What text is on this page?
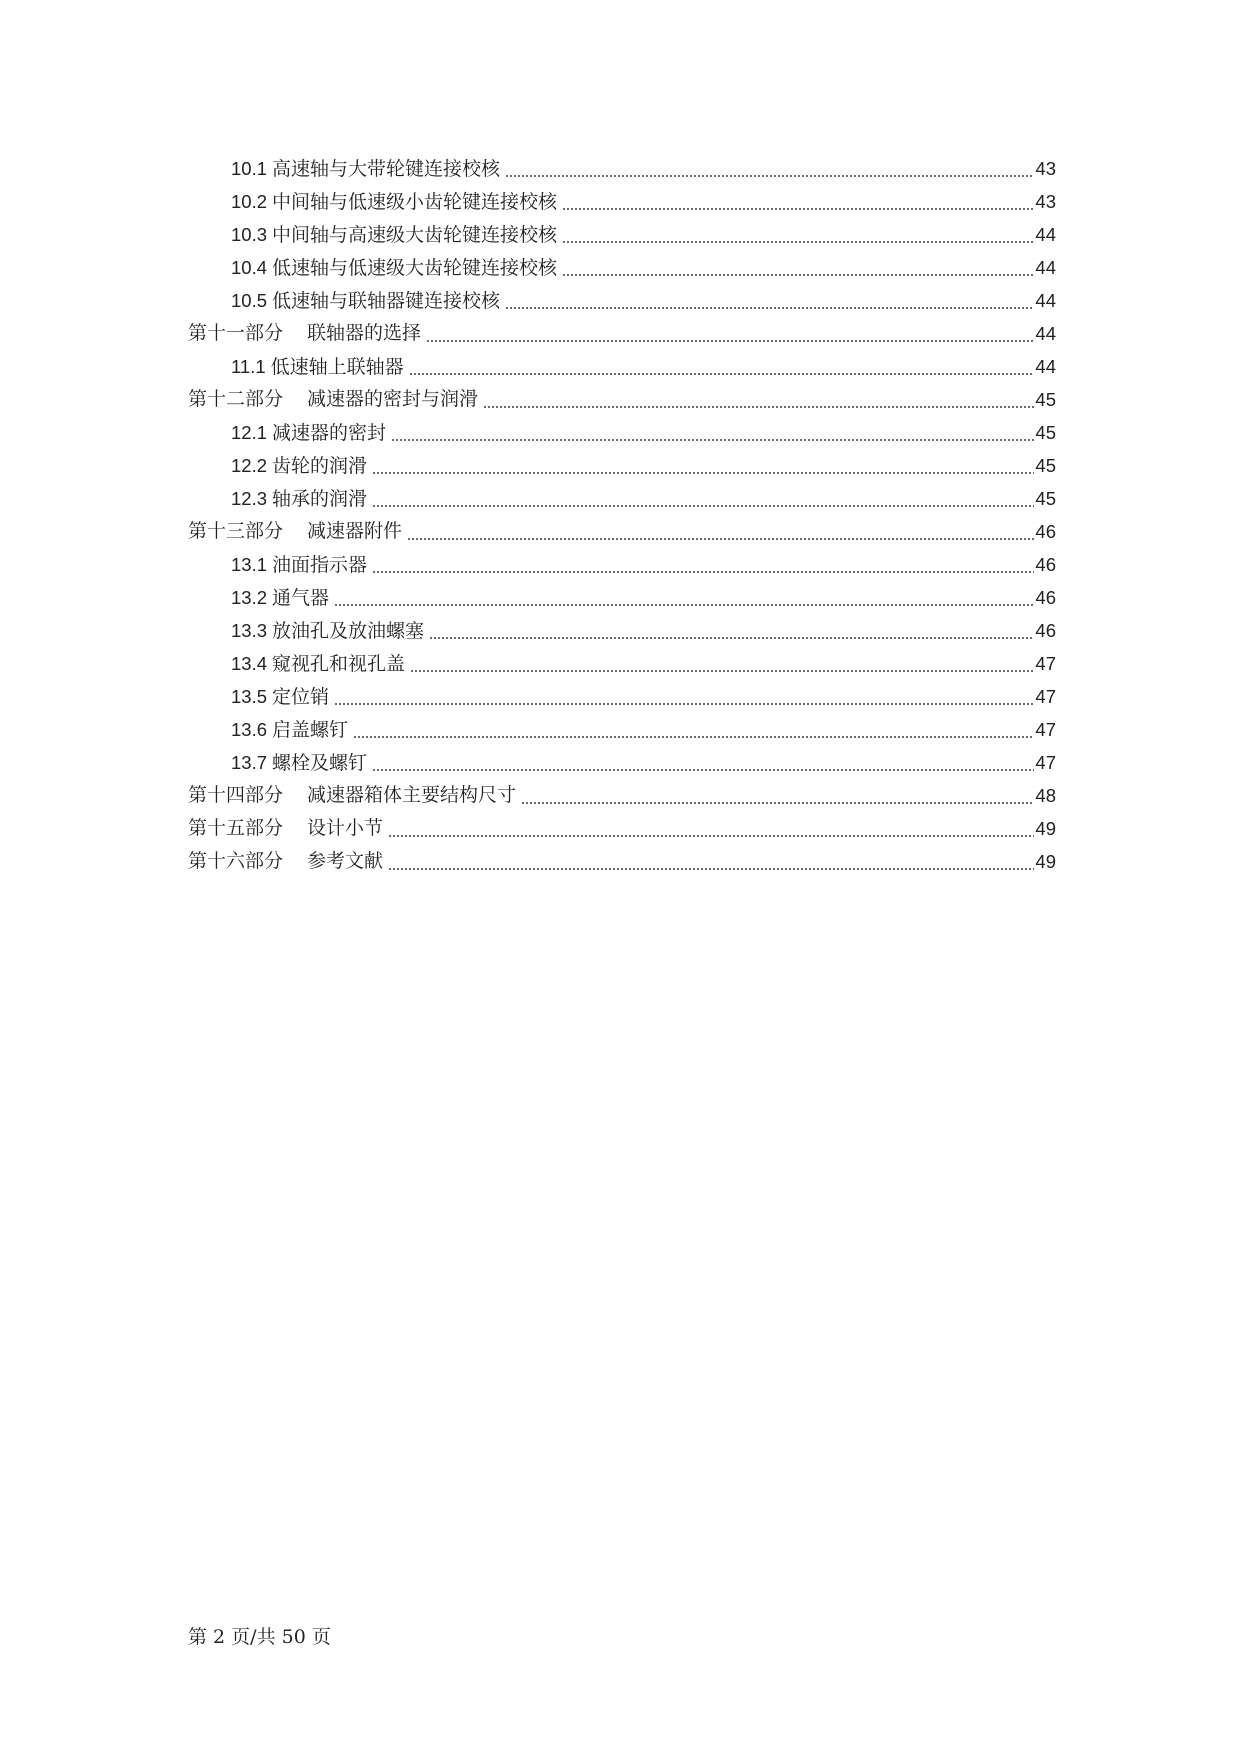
10.1 高速轴与大带轮键连接校核	43
10.2 中间轴与低速级小齿轮键连接校核	43
10.3 中间轴与高速级大齿轮键连接校核	44
10.4 低速轴与低速级大齿轮键连接校核	44
10.5 低速轴与联轴器键连接校核	44
第十一部分 联轴器的选择	44
11.1 低速轴上联轴器	44
第十二部分 减速器的密封与润滑	45
12.1 减速器的密封	45
12.2 齿轮的润滑	45
12.3 轴承的润滑	45
第十三部分 减速器附件	46
13.1 油面指示器	46
13.2 通气器	46
13.3 放油孔及放油螺塞	46
13.4 窥视孔和视孔盖	47
13.5 定位销	47
13.6 启盖螺钉	47
13.7 螺栓及螺钉	47
第十四部分 减速器箱体主要结构尺寸	48
第十五部分 设计小节	49
第十六部分 参考文献	49
第 2 页/共 50 页
